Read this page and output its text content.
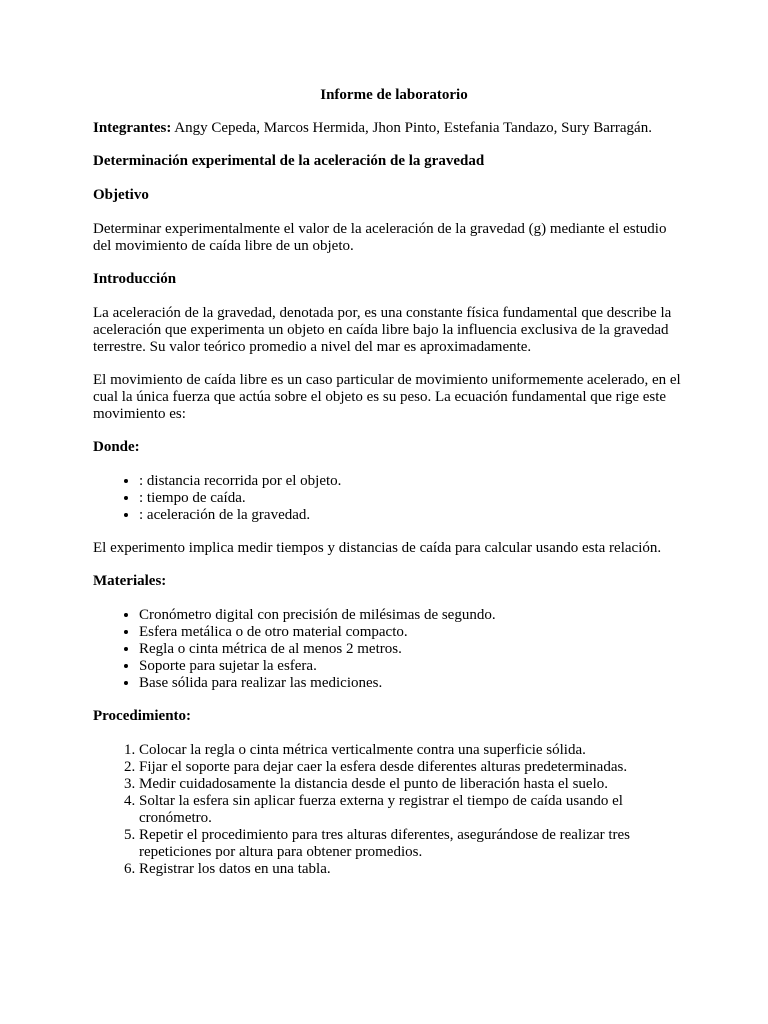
Informe de laboratorio

Integrantes: Angy Cepeda, Marcos Hermida, Jhon Pinto, Estefania Tandazo, Sury Barragán.

Determinación experimental de la aceleración de la gravedad

Objetivo

Determinar experimentalmente el valor de la aceleración de la gravedad (g) mediante el estudio del movimiento de caída libre de un objeto.

Introducción

La aceleración de la gravedad, denotada por, es una constante física fundamental que describe la aceleración que experimenta un objeto en caída libre bajo la influencia exclusiva de la gravedad terrestre. Su valor teórico promedio a nivel del mar es aproximadamente.

El movimiento de caída libre es un caso particular de movimiento uniformemente acelerado, en el cual la única fuerza que actúa sobre el objeto es su peso. La ecuación fundamental que rige este movimiento es:

Donde:

• : distancia recorrida por el objeto.
• : tiempo de caída.
• : aceleración de la gravedad.

El experimento implica medir tiempos y distancias de caída para calcular usando esta relación.

Materiales:

• Cronómetro digital con precisión de milésimas de segundo.
• Esfera metálica o de otro material compacto.
• Regla o cinta métrica de al menos 2 metros.
• Soporte para sujetar la esfera.
• Base sólida para realizar las mediciones.

Procedimiento:

1. Colocar la regla o cinta métrica verticalmente contra una superficie sólida.
2. Fijar el soporte para dejar caer la esfera desde diferentes alturas predeterminadas.
3. Medir cuidadosamente la distancia desde el punto de liberación hasta el suelo.
4. Soltar la esfera sin aplicar fuerza externa y registrar el tiempo de caída usando el cronómetro.
5. Repetir el procedimiento para tres alturas diferentes, asegurándose de realizar tres repeticiones por altura para obtener promedios.
6. Registrar los datos en una tabla.
